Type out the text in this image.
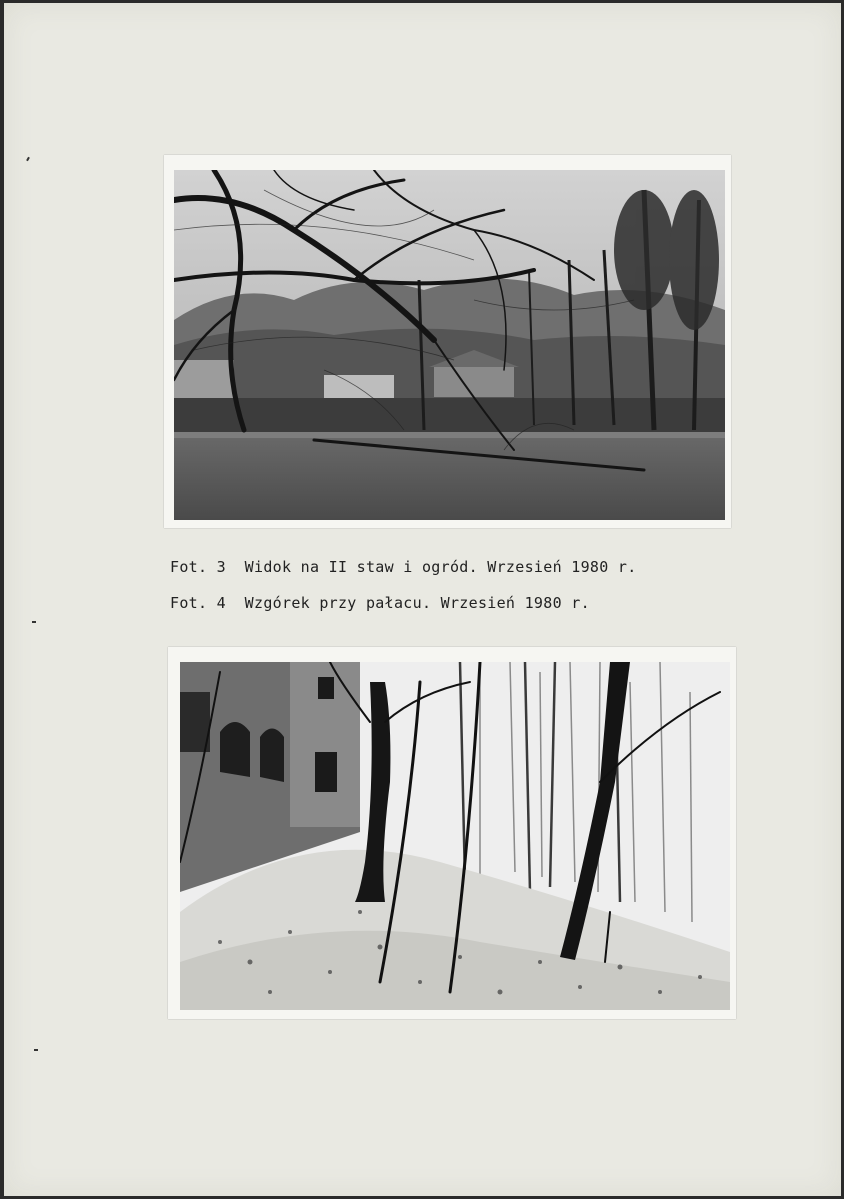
Fot. 3 Widok na II staw i ogród. Wrzesień 1980 r.
Fot. 4 Wzgórek przy pałacu. Wrzesień 1980 r.
